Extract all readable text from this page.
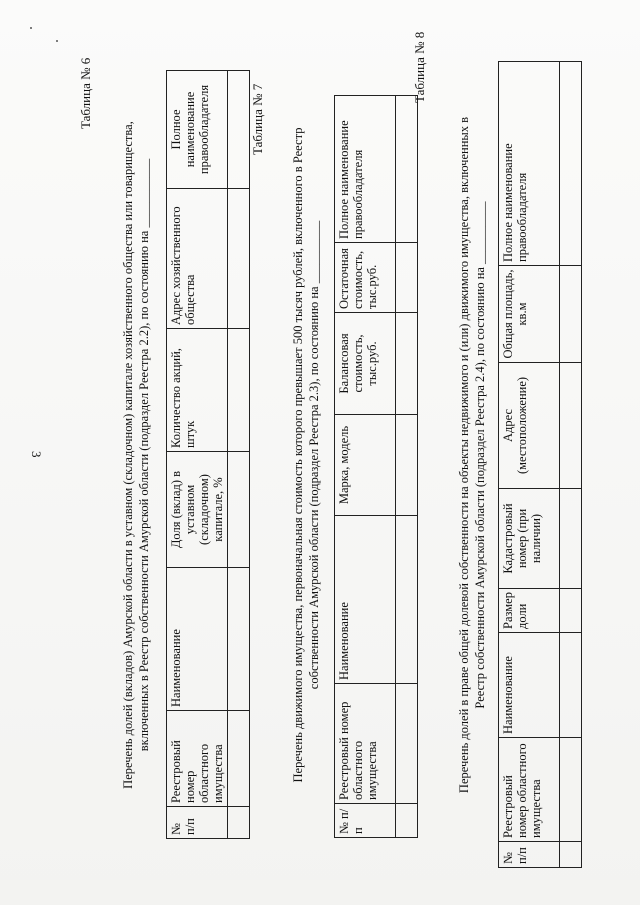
3
Таблица № 6
Перечень долей (вкладов) Амурской области в уставном (складочном) капитале хозяйственного общества или товарищества, включенных в Реестр собственности Амурской области (подраздел Реестра 2.2), по состоянию на ___________
№ п/п	Реестровый номер областного имущества	Наименование	Доля (вклад) в уставном (складочном) капитале, %	Количество акций, штук	Адрес хозяйственного общества	Полное наименование правообладателя
							Таблица № 7
Перечень движимого имущества, первоначальная стоимость которого превышает 500 тысяч рублей, включенного в Реестр собственности Амурской области (подраздел Реестра 2.3), по состоянию на __________
№ п/п	Реестровый номер областного имущества	Наименование	Марка, модель	Балансовая стоимость, тыс.руб.	Остаточная стоимость, тыс.руб.	Полное наименование правообладателя

Таблица № 8
Перечень долей в праве общей долевой собственности на объекты недвижимого и (или) движимого имущества, включенных в Реестр собственности Амурской области (подраздел Реестра 2.4), по состоянию на __________
№ п/п	Реестровый номер областного имущества	Наименование	Размер доли	Кадастровый номер (при наличии)	Адрес (местоположение)	Общая площадь, кв.м	Полное наименование правообладателя
